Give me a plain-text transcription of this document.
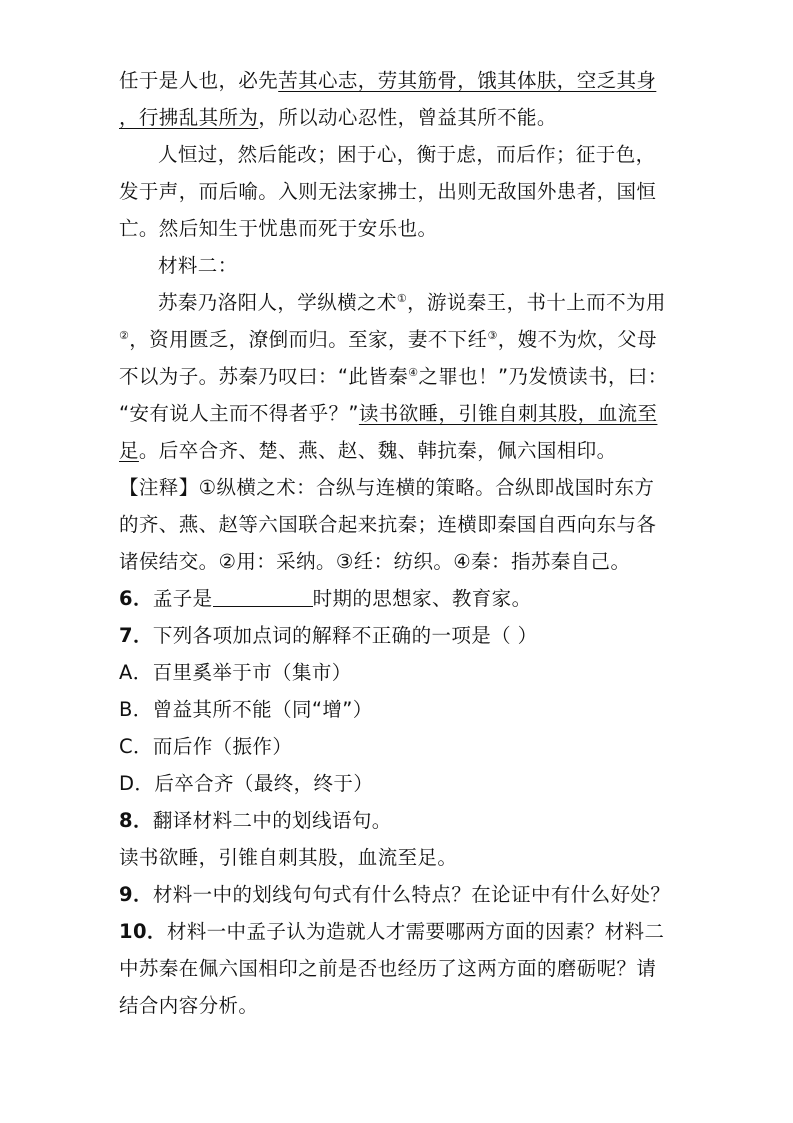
任于是人也，必先苦其心志，劳其筋骨，饿其体肤，空乏其身
，行拂乱其所为，所以动心忍性，曾益其所不能。
人恒过，然后能改；困于心，衡于虑，而后作；征于色，
发于声，而后喻。入则无法家拂士，出则无敌国外患者，国恒
亡。然后知生于忧患而死于安乐也。
材料二：
苏秦乃洛阳人，学纵横之术①，游说秦王，书十上而不为用
②，资用匮乏，潦倒而归。至家，妻不下纴③，嫂不为炊，父母
不以为子。苏秦乃叹曰：“此皆秦④之罪也！”乃发愤读书，曰：
“安有说人主而不得者乎？”读书欲睡，引锥自刺其股，血流至
足。后卒合齐、楚、燕、赵、魏、韩抗秦，佩六国相印。
【注释】①纵横之术：合纵与连横的策略。合纵即战国时东方
的齐、燕、赵等六国联合起来抗秦；连横即秦国自西向东与各
诸侯结交。②用：采纳。③纴：纺织。④秦：指苏秦自己。
6．孟子是	时期的思想家、教育家。
7．下列各项加点词的解释不正确的一项是（ ）
A．百里奚举于市（集市）
B．曾益其所不能（同“增”）
C．而后作（振作）
D．后卒合齐（最终，终于）
8．翻译材料二中的划线语句。
读书欲睡，引锥自刺其股，血流至足。
9．材料一中的划线句句式有什么特点？在论证中有什么好处？
10．材料一中孟子认为造就人才需要哪两方面的因素？材料二
中苏秦在佩六国相印之前是否也经历了这两方面的磨砺呢？请
结合内容分析。
